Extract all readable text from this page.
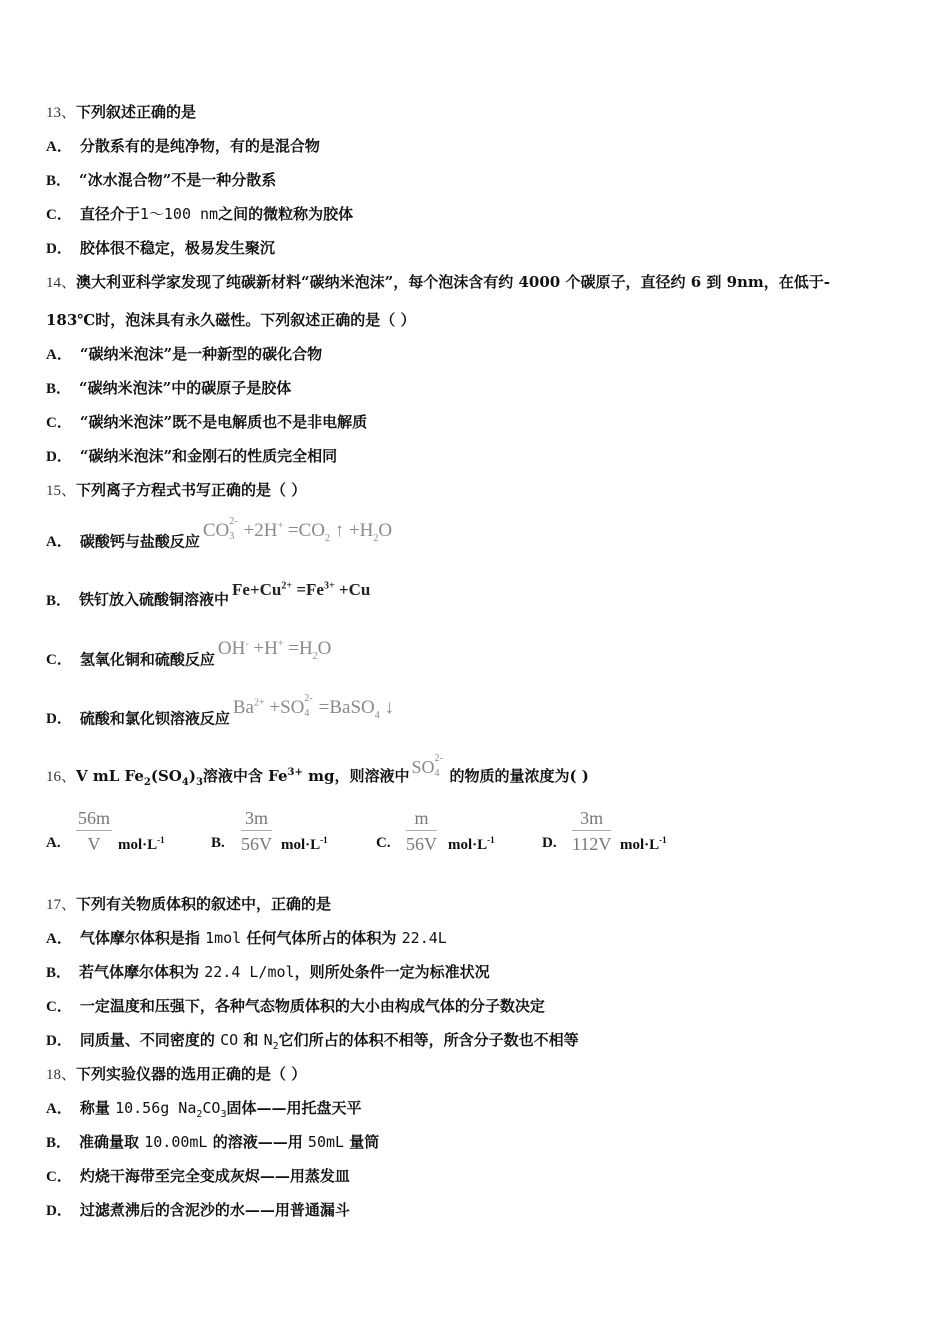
13、下列叙述正确的是
A． 分散系有的是纯净物，有的是混合物
B． “冰水混合物”不是一种分散系
C． 直径介于1～100 nm之间的微粒称为胶体
D． 胶体很不稳定，极易发生聚沉
14、澳大利亚科学家发现了纯碳新材料“碳纳米泡沫”，每个泡沫含有约 4000 个碳原子，直径约 6 到 9nm，在低于-
183℃时，泡沫具有永久磁性。下列叙述正确的是（ ）
A． “碳纳米泡沫”是一种新型的碳化合物
B． “碳纳米泡沫”中的碳原子是胶体
C． “碳纳米泡沫”既不是电解质也不是非电解质
D． “碳纳米泡沫”和金刚石的性质完全相同
15、下列离子方程式书写正确的是（ ）
A． 碳酸钙与盐酸反应 CO 2-
$3 +2H^+ =CO_2$ ↑ $+H_2O$
B． 铁钉放入硫酸铜溶液中$Fe+Cu^{2+} =Fe^{3+} +Cu$
C． 氢氧化铜和硫酸反应 $OH^- +H^+ =H_2O$
D． 硫酸和氯化钡溶液反应 $Ba^{2+} +SO$ 2-
4 =BaSO$_4$ ↓
16、V mL $Fe_2(SO_4)_3$溶液中含 $Fe^{3+}$ mg，则溶液中 SO 2-
4 的物质的量浓度为( )
A. $\frac{56m}{V} mol\cdot L^{-1}$	B. $\frac{3m}{56V} mol\cdot L^{-1}$	C. $\frac{m}{56V} mol\cdot L^{-1}$	D. $\frac{3m}{112V} mol\cdot L^{-1}$
17、下列有关物质体积的叙述中，正确的是
A． 气体摩尔体积是指 1mol 任何气体所占的体积为 22.4L
B． 若气体摩尔体积为 22.4 L/mol，则所处条件一定为标准状况
C． 一定温度和压强下，各种气态物质体积的大小由构成气体的分子数决定
D． 同质量、不同密度的 CO 和 $N_2$它们所占的体积不相等，所含分子数也不相等
18、下列实验仪器的选用正确的是（ ）
A． 称量 10.56g $Na_2CO_3$固体——用托盘天平
B． 准确量取 10.00mL 的溶液——用 50mL 量筒
C． 灼烧干海带至完全变成灰烬——用蒸发皿
D． 过滤煮沸后的含泥沙的水——用普通漏斗
